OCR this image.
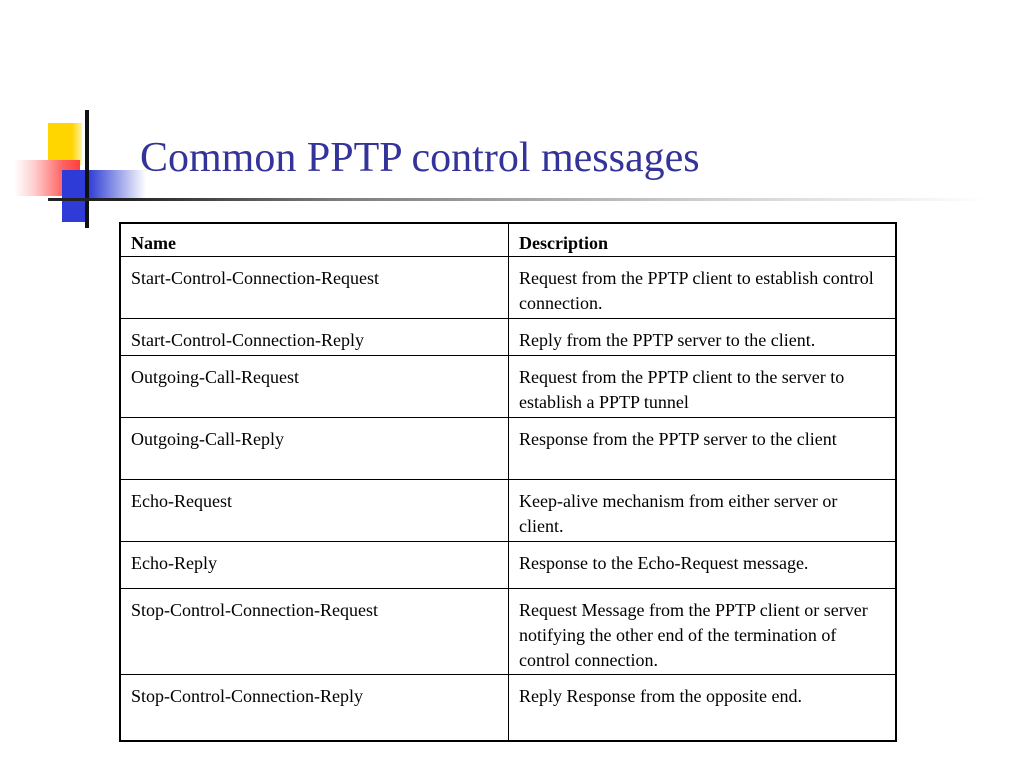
Common PPTP control messages
Name	Description
Start-Control-Connection-Request	Request from the PPTP client to establish control connection.
Start-Control-Connection-Reply	Reply from the PPTP server to the client.
Outgoing-Call-Request	Request from the PPTP client to the server to establish a PPTP tunnel
Outgoing-Call-Reply	Response from the PPTP server to the client
Echo-Request	Keep-alive mechanism from either server or client.
Echo-Reply	Response to the Echo-Request message.
Stop-Control-Connection-Request	Request Message from the PPTP client or server notifying the other end of the termination of control connection.
Stop-Control-Connection-Reply	Reply Response from the opposite end.
